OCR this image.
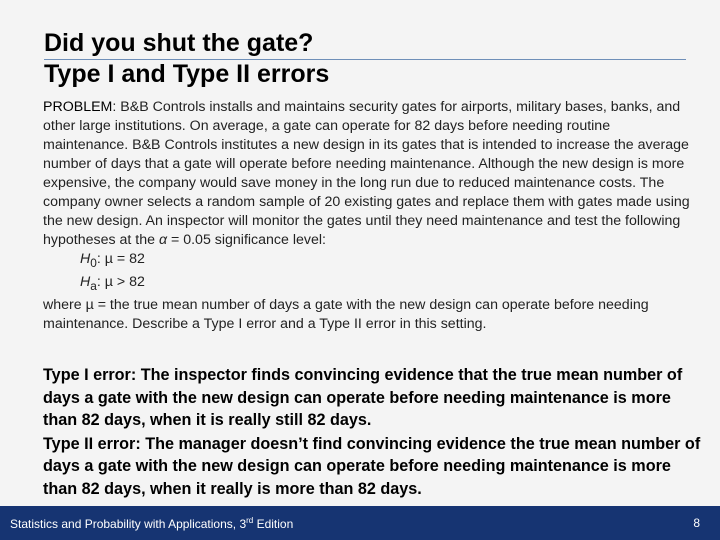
Did you shut the gate?
Type I and Type II errors
PROBLEM: B&B Controls installs and maintains security gates for airports, military bases, banks, and other large institutions. On average, a gate can operate for 82 days before needing routine maintenance. B&B Controls institutes a new design in its gates that is intended to increase the average number of days that a gate will operate before needing maintenance. Although the new design is more expensive, the company would save money in the long run due to reduced maintenance costs. The company owner selects a random sample of 20 existing gates and replace them with gates made using the new design. An inspector will monitor the gates until they need maintenance and test the following hypotheses at the α = 0.05 significance level:
$H_0$: µ = 82
$H_a$: µ > 82
where µ = the true mean number of days a gate with the new design can operate before needing maintenance. Describe a Type I error and a Type II error in this setting.

Type I error: The inspector finds convincing evidence that the true mean number of days a gate with the new design can operate before needing maintenance is more than 82 days, when it is really still 82 days.

Type II error: The manager doesn’t find convincing evidence the true mean number of days a gate with the new design can operate before needing maintenance is more than 82 days, when it really is more than 82 days.

Statistics and Probability with Applications, 3rd Edition	8
